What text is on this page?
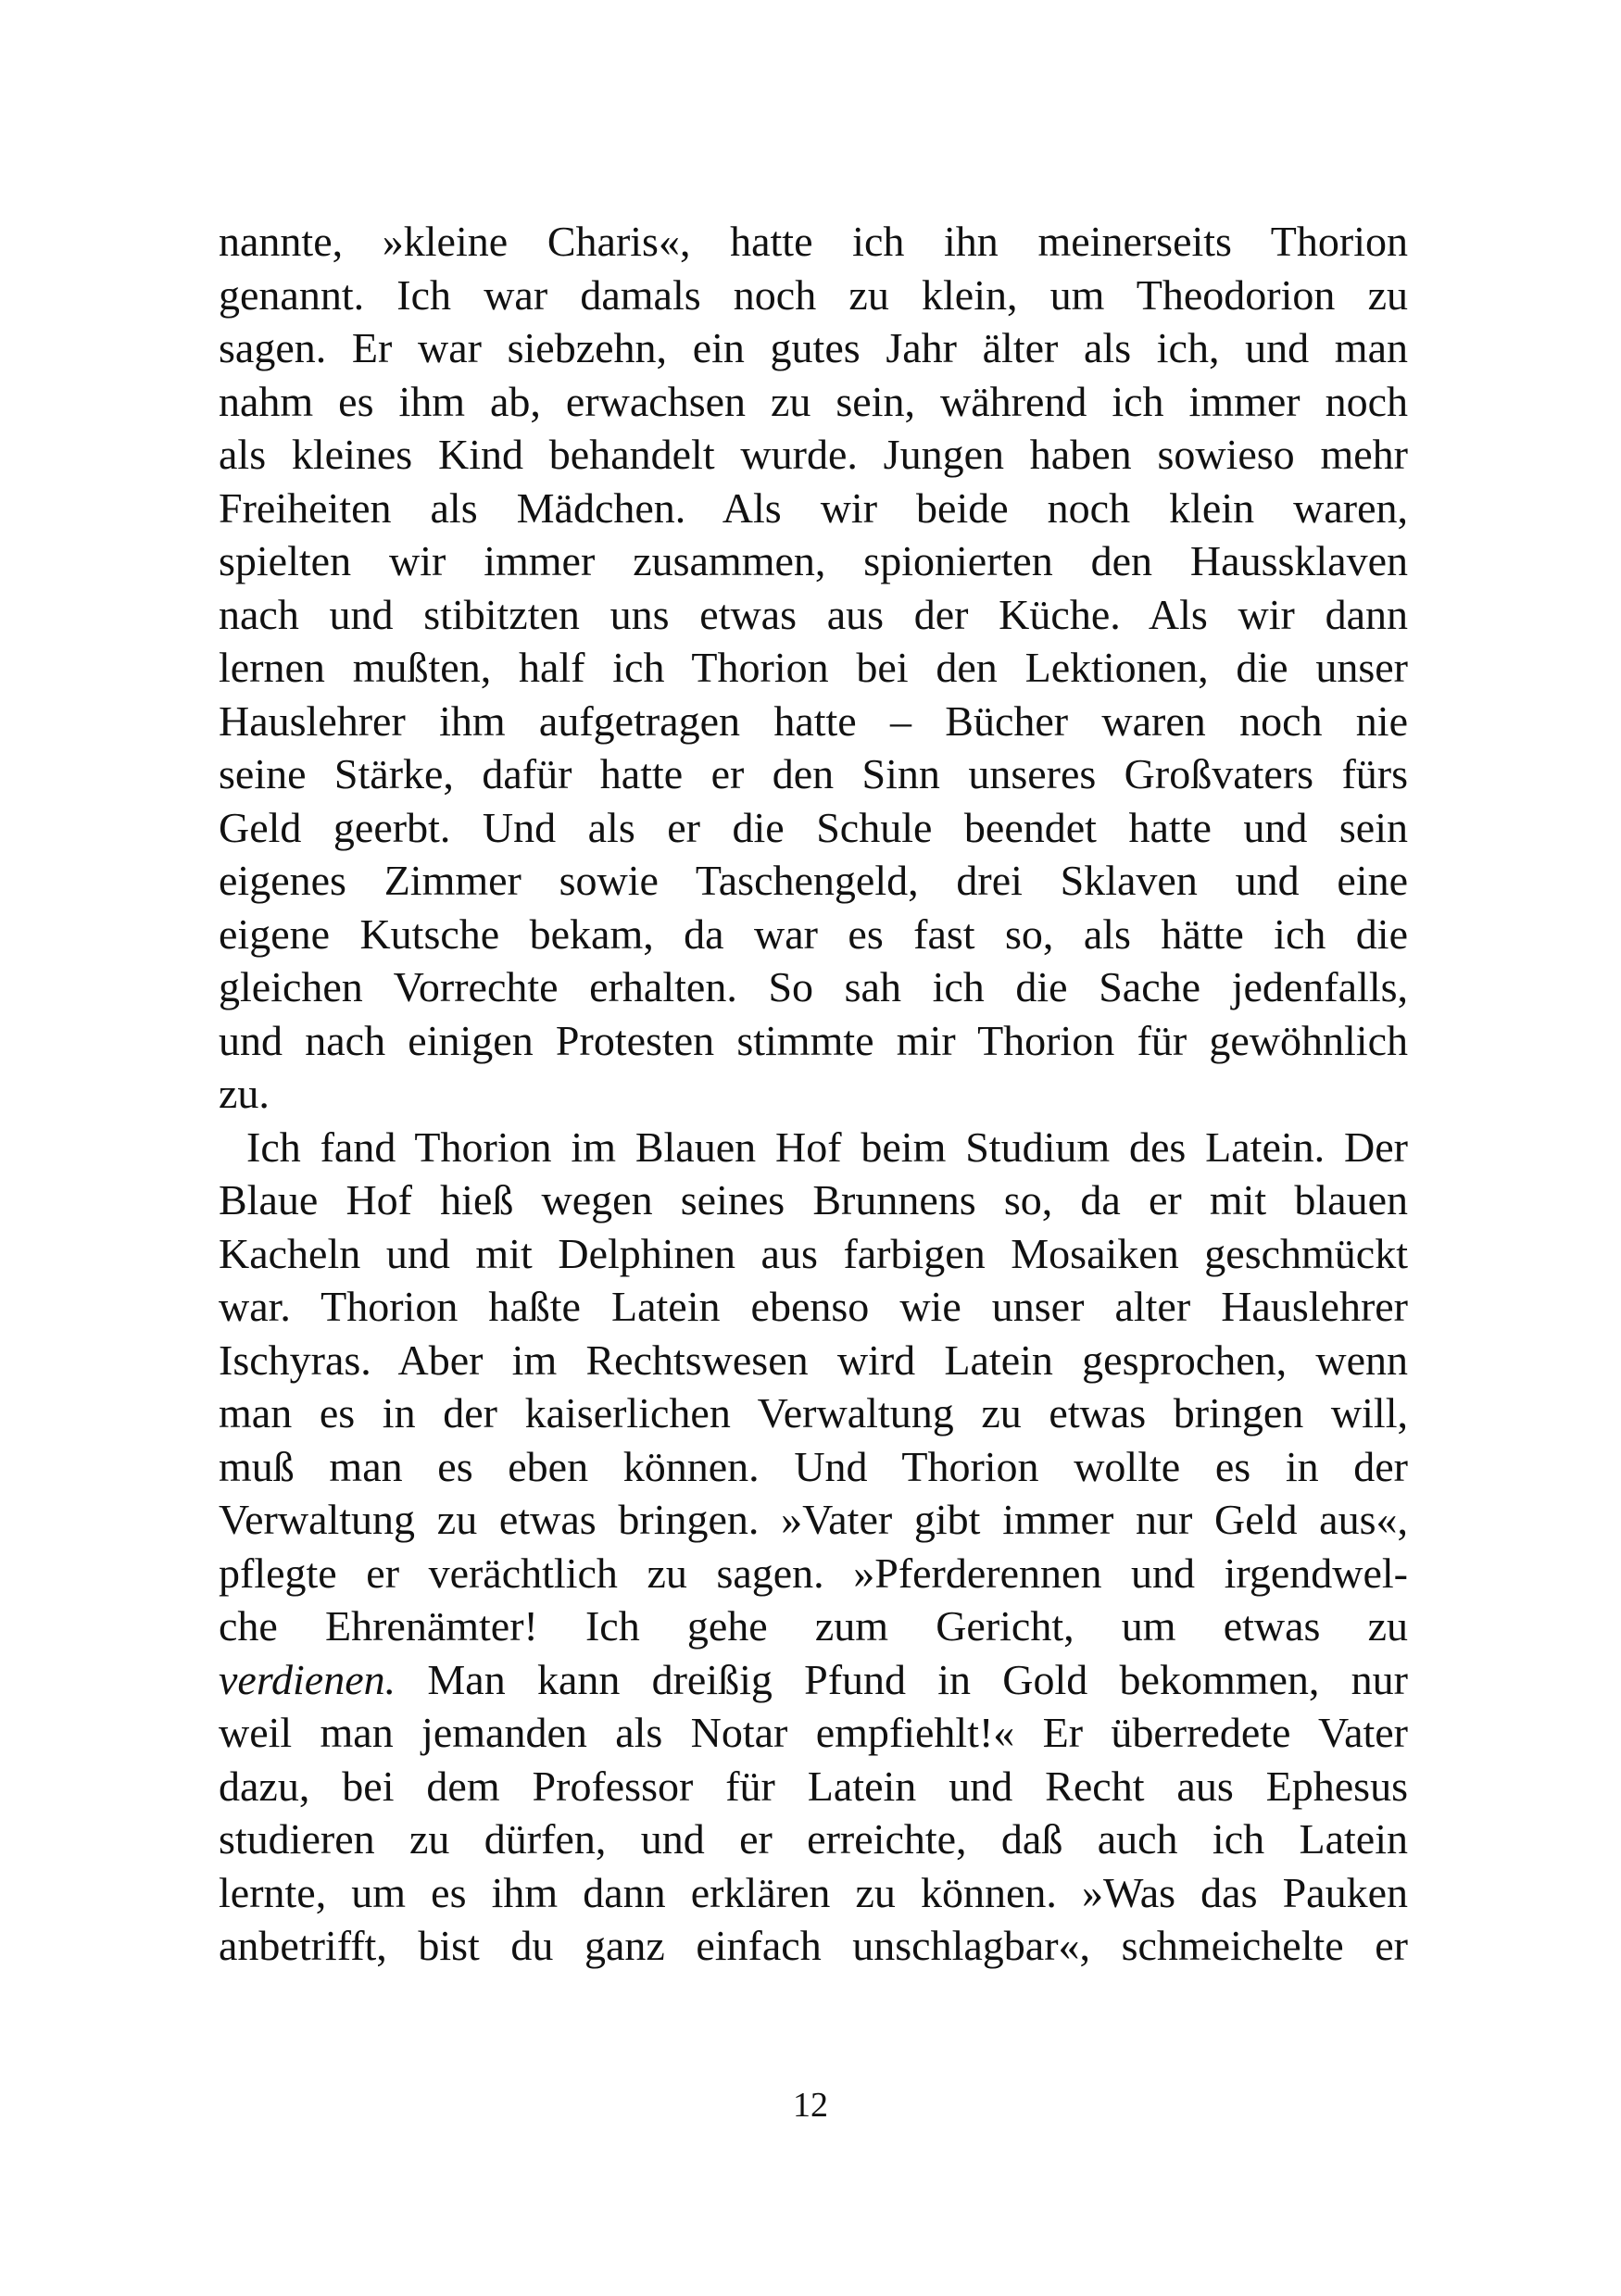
nannte, »kleine Charis«, hatte ich ihn meinerseits Thorion
genannt. Ich war damals noch zu klein, um Theodorion zu
sagen. Er war siebzehn, ein gutes Jahr älter als ich, und man
nahm es ihm ab, erwachsen zu sein, während ich immer noch
als kleines Kind behandelt wurde. Jungen haben sowieso mehr
Freiheiten als Mädchen. Als wir beide noch klein waren,
spielten wir immer zusammen, spionierten den Haussklaven
nach und stibitzten uns etwas aus der Küche. Als wir dann
lernen mußten, half ich Thorion bei den Lektionen, die unser
Hauslehrer ihm aufgetragen hatte – Bücher waren noch nie
seine Stärke, dafür hatte er den Sinn unseres Großvaters fürs
Geld geerbt. Und als er die Schule beendet hatte und sein
eigenes Zimmer sowie Taschengeld, drei Sklaven und eine
eigene Kutsche bekam, da war es fast so, als hätte ich die
gleichen Vorrechte erhalten. So sah ich die Sache jedenfalls,
und nach einigen Protesten stimmte mir Thorion für gewöhnlich
zu.
Ich fand Thorion im Blauen Hof beim Studium des Latein. Der
Blaue Hof hieß wegen seines Brunnens so, da er mit blauen
Kacheln und mit Delphinen aus farbigen Mosaiken geschmückt
war. Thorion haßte Latein ebenso wie unser alter Hauslehrer
Ischyras. Aber im Rechtswesen wird Latein gesprochen, wenn
man es in der kaiserlichen Verwaltung zu etwas bringen will,
muß man es eben können. Und Thorion wollte es in der
Verwaltung zu etwas bringen. »Vater gibt immer nur Geld aus«,
pflegte er verächtlich zu sagen. »Pferderennen und irgendwel-
che Ehrenämter! Ich gehe zum Gericht, um etwas zu
verdienen. Man kann dreißig Pfund in Gold bekommen, nur
weil man jemanden als Notar empfiehlt!« Er überredete Vater
dazu, bei dem Professor für Latein und Recht aus Ephesus
studieren zu dürfen, und er erreichte, daß auch ich Latein
lernte, um es ihm dann erklären zu können. »Was das Pauken
anbetrifft, bist du ganz einfach unschlagbar«, schmeichelte er
12
